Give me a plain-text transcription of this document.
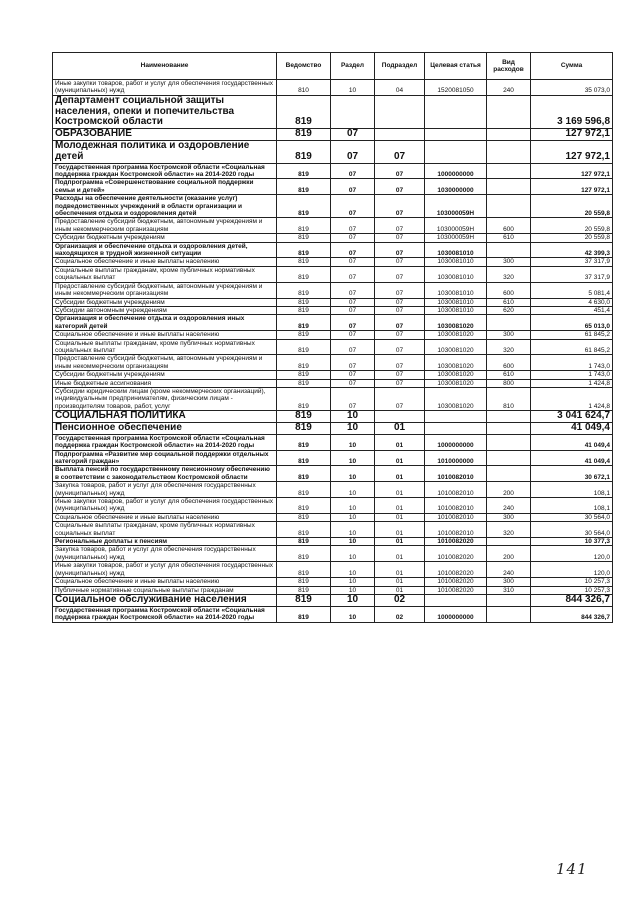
Наименование	Ведомство	Раздел	Подраздел	Целевая статья	Вид расходов	Сумма
Иные закупки товаров, работ и услуг для обеспечения государственных (муниципальных) нужд	810	10	04	1520081050	240	35 073,0
Департамент социальной защиты населения, опеки и попечительства Костромской области	819					3 169 596,8
ОБРАЗОВАНИЕ	819	07				127 972,1
Молодежная политика и оздоровление детей	819	07	07			127 972,1
Государственная программа Костромской области «Социальная поддержка граждан Костромской области» на 2014-2020 годы	819	07	07	1000000000		127 972,1
Подпрограмма «Совершенствование социальной поддержки семьи и детей»	819	07	07	1030000000		127 972,1
Расходы на обеспечение деятельности (оказание услуг) подведомственных учреждений в области организации и обеспечения отдыха и оздоровления детей	819	07	07	103000059Н		20 559,8
Предоставление субсидий бюджетным, автономным учреждениям и иным некоммерческим организациям	819	07	07	103000059Н	600	20 559,8
Субсидии бюджетным учреждениям	819	07	07	103000059Н	610	20 559,8
Организация и обеспечение отдыха и оздоровления детей, находящихся в трудной жизненной ситуации	819	07	07	1030081010		42 399,3
Социальное обеспечение и иные выплаты населению	819	07	07	1030081010	300	37 317,9
Социальные выплаты гражданам, кроме публичных нормативных социальных выплат	819	07	07	1030081010	320	37 317,9
Предоставление субсидий бюджетным, автономным учреждениям и иным некоммерческим организациям	819	07	07	1030081010	600	5 081,4
Субсидии бюджетным учреждениям	819	07	07	1030081010	610	4 630,0
Субсидии автономным учреждениям	819	07	07	1030081010	620	451,4
Организация и обеспечение отдыха и оздоровления иных категорий детей	819	07	07	1030081020		65 013,0
Социальное обеспечение и иные выплаты населению	819	07	07	1030081020	300	61 845,2
Социальные выплаты гражданам, кроме публичных нормативных социальных выплат	819	07	07	1030081020	320	61 845,2
Предоставление субсидий бюджетным, автономным учреждениям и иным некоммерческим организациям	819	07	07	1030081020	600	1 743,0
Субсидии бюджетным учреждениям	819	07	07	1030081020	610	1 743,0
Иные бюджетные ассигнования	819	07	07	1030081020	800	1 424,8
Субсидии юридическим лицам (кроме некоммерческих организаций), индивидуальным предпринимателям, физическим лицам - производителям товаров, работ, услуг	819	07	07	1030081020	810	1 424,8
СОЦИАЛЬНАЯ ПОЛИТИКА	819	10				3 041 624,7
Пенсионное обеспечение	819	10	01			41 049,4
Государственная программа Костромской области «Социальная поддержка граждан Костромской области» на 2014-2020 годы	819	10	01	1000000000		41 049,4
Подпрограмма «Развитие мер социальной поддержки отдельных категорий граждан»	819	10	01	1010000000		41 049,4
Выплата пенсий по государственному пенсионному обеспечению в соответствии с законодательством Костромской области	819	10	01	1010082010		30 672,1
Закупка товаров, работ и услуг для обеспечения государственных (муниципальных) нужд	819	10	01	1010082010	200	108,1
Иные закупки товаров, работ и услуг для обеспечения государственных (муниципальных) нужд	819	10	01	1010082010	240	108,1
Социальное обеспечение и иные выплаты населению	819	10	01	1010082010	300	30 564,0
Социальные выплаты гражданам, кроме публичных нормативных социальных выплат	819	10	01	1010082010	320	30 564,0
Региональные доплаты к пенсиям	819	10	01	1010082020		10 377,3
Закупка товаров, работ и услуг для обеспечения государственных (муниципальных) нужд	819	10	01	1010082020	200	120,0
Иные закупки товаров, работ и услуг для обеспечения государственных (муниципальных) нужд	819	10	01	1010082020	240	120,0
Социальное обеспечение и иные выплаты населению	819	10	01	1010082020	300	10 257,3
Публичные нормативные социальные выплаты гражданам	819	10	01	1010082020	310	10 257,3
Социальное обслуживание населения	819	10	02			844 326,7
Государственная программа Костромской области «Социальная поддержка граждан Костромской области» на 2014-2020 годы	819	10	02	1000000000		844 326,7
141
